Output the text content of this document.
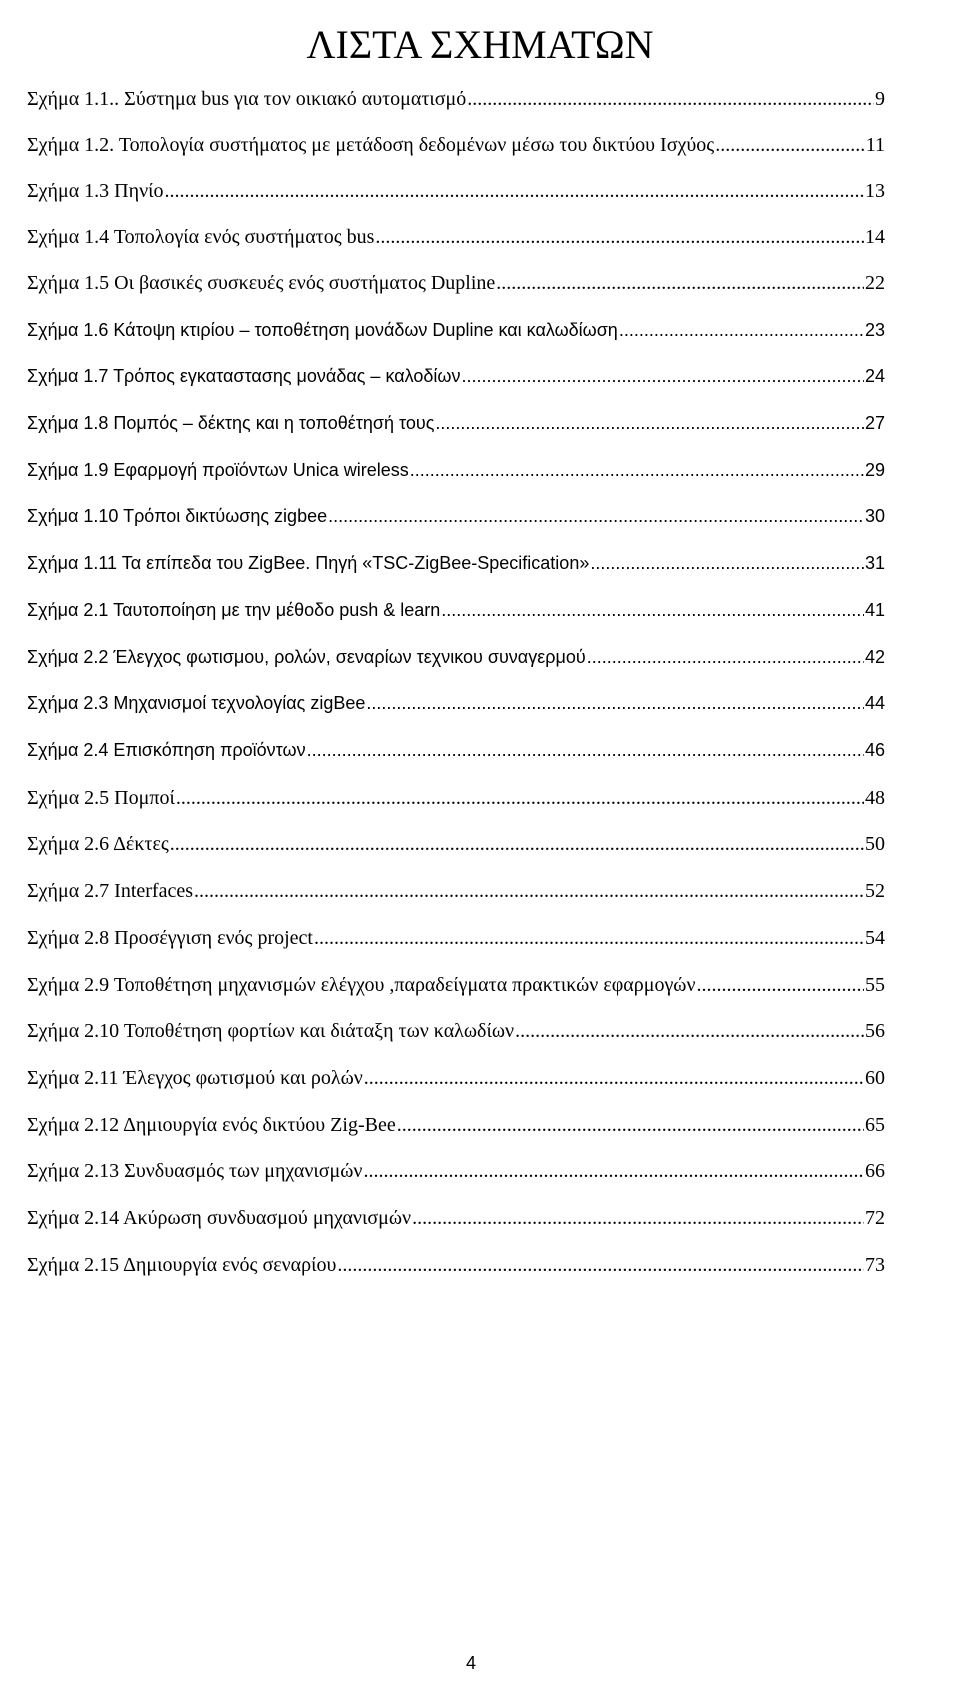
ΛΙΣΤΑ ΣΧΗΜΑΤΩΝ
Σχήμα 1.1.. Σύστημα bus για τον οικιακό αυτοματισμό .....	9
Σχήμα 1.2. Τοπολογία συστήματος με μετάδοση δεδομένων μέσω του δικτύου Ισχύος .....	11
Σχήμα 1.3 Πηνίο .....	13
Σχήμα 1.4 Τοπολογία ενός συστήματος bus .....	14
Σχήμα 1.5 Οι βασικές συσκευές ενός συστήματος Dupline .....	22
Σχήμα 1.6 Κάτοψη κτιρίου – τοποθέτηση μονάδων Dupline και καλωδίωση .....	23
Σχήμα 1.7 Τρόπος εγκαταστασης μονάδας – καλοδίων .....	24
Σχήμα 1.8 Πομπός – δέκτης και η τοποθέτησή τους .....	27
Σχήμα 1.9 Εφαρμογή προϊόντων Unica wireless .....	29
Σχήμα 1.10 Τρόποι δικτύωσης zigbee .....	30
Σχήμα 1.11 Τα επίπεδα του ZigBee. Πηγή «TSC-ZigBee-Specification» .....	31
Σχήμα 2.1 Ταυτοποίηση με την μέθοδο push & learn .....	41
Σχήμα 2.2 Έλεγχος φωτισμου, ρολών, σεναρίων τεχνικου συναγερμού .....	42
Σχήμα 2.3 Μηχανισμοί τεχνολογίας zigBee .....	44
Σχήμα 2.4 Επισκόπηση προϊόντων .....	46
Σχήμα 2.5 Πομποί .....	48
Σχήμα 2.6 Δέκτες .....	50
Σχήμα 2.7 Interfaces .....	52
Σχήμα 2.8 Προσέγγιση ενός project .....	54
Σχήμα 2.9 Τοποθέτηση μηχανισμών ελέγχου ,παραδείγματα πρακτικών εφαρμογών .....	55
Σχήμα 2.10 Τοποθέτηση φορτίων και διάταξη των καλωδίων .....	56
Σχήμα 2.11 Έλεγχος φωτισμού και ρολών .....	60
Σχήμα 2.12 Δημιουργία ενός δικτύου Zig-Bee .....	65
Σχήμα 2.13 Συνδυασμός των μηχανισμών .....	66
Σχήμα 2.14 Ακύρωση συνδυασμού μηχανισμών .....	72
Σχήμα 2.15 Δημιουργία ενός σεναρίου .....	73
4
